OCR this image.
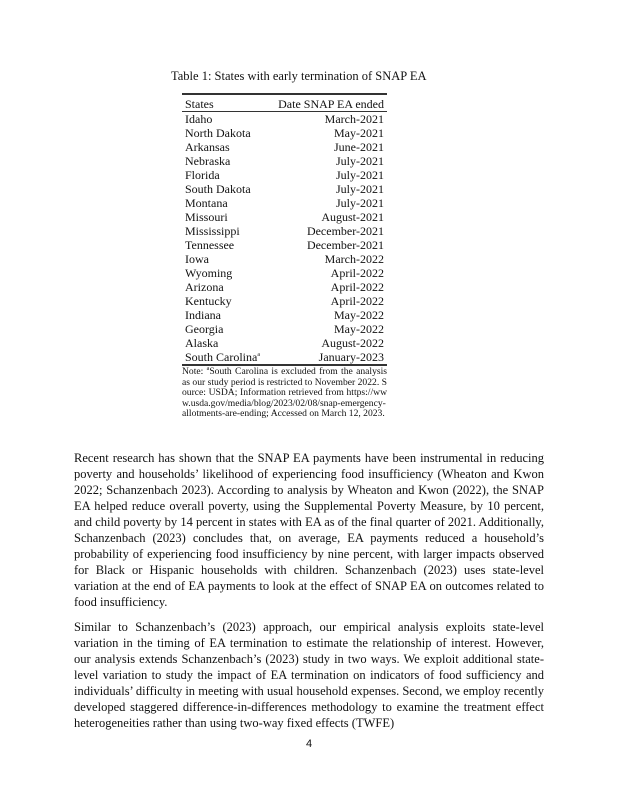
Table 1: States with early termination of SNAP EA
States	Date SNAP EA ended
Idaho	March-2021
North Dakota	May-2021
Arkansas	June-2021
Nebraska	July-2021
Florida	July-2021
South Dakota	July-2021
Montana	July-2021
Missouri	August-2021
Mississippi	December-2021
Tennessee	December-2021
Iowa	March-2022
Wyoming	April-2022
Arizona	April-2022
Kentucky	April-2022
Indiana	May-2022
Georgia	May-2022
Alaska	August-2022
South Carolina$^a$	January-2023
Note: $^a$South Carolina is excluded from the analysis as our study period is restricted to November 2022. Source: USDA; Information retrieved from https://www.usda.gov/media/blog/2023/02/08/snap-emergency-allotments-are-ending; Accessed on March 12, 2023.

Recent research has shown that the SNAP EA payments have been instrumental in reducing poverty and households’ likelihood of experiencing food insufficiency (Wheaton and Kwon 2022; Schanzenbach 2023). According to analysis by Wheaton and Kwon (2022), the SNAP EA helped reduce overall poverty, using the Supplemental Poverty Measure, by 10 percent, and child poverty by 14 percent in states with EA as of the final quarter of 2021. Additionally, Schanzenbach (2023) concludes that, on average, EA payments reduced a household’s probability of experiencing food insufficiency by nine percent, with larger impacts observed for Black or Hispanic households with children. Schanzenbach (2023) uses state-level variation at the end of EA payments to look at the effect of SNAP EA on outcomes related to food insufficiency.

Similar to Schanzenbach’s (2023) approach, our empirical analysis exploits state-level variation in the timing of EA termination to estimate the relationship of interest. However, our analysis extends Schanzenbach’s (2023) study in two ways. We exploit additional state-level variation to study the impact of EA termination on indicators of food sufficiency and individuals’ difficulty in meeting with usual household expenses. Second, we employ recently developed staggered difference-in-differences methodology to examine the treatment effect heterogeneities rather than using two-way fixed effects (TWFE)

4
